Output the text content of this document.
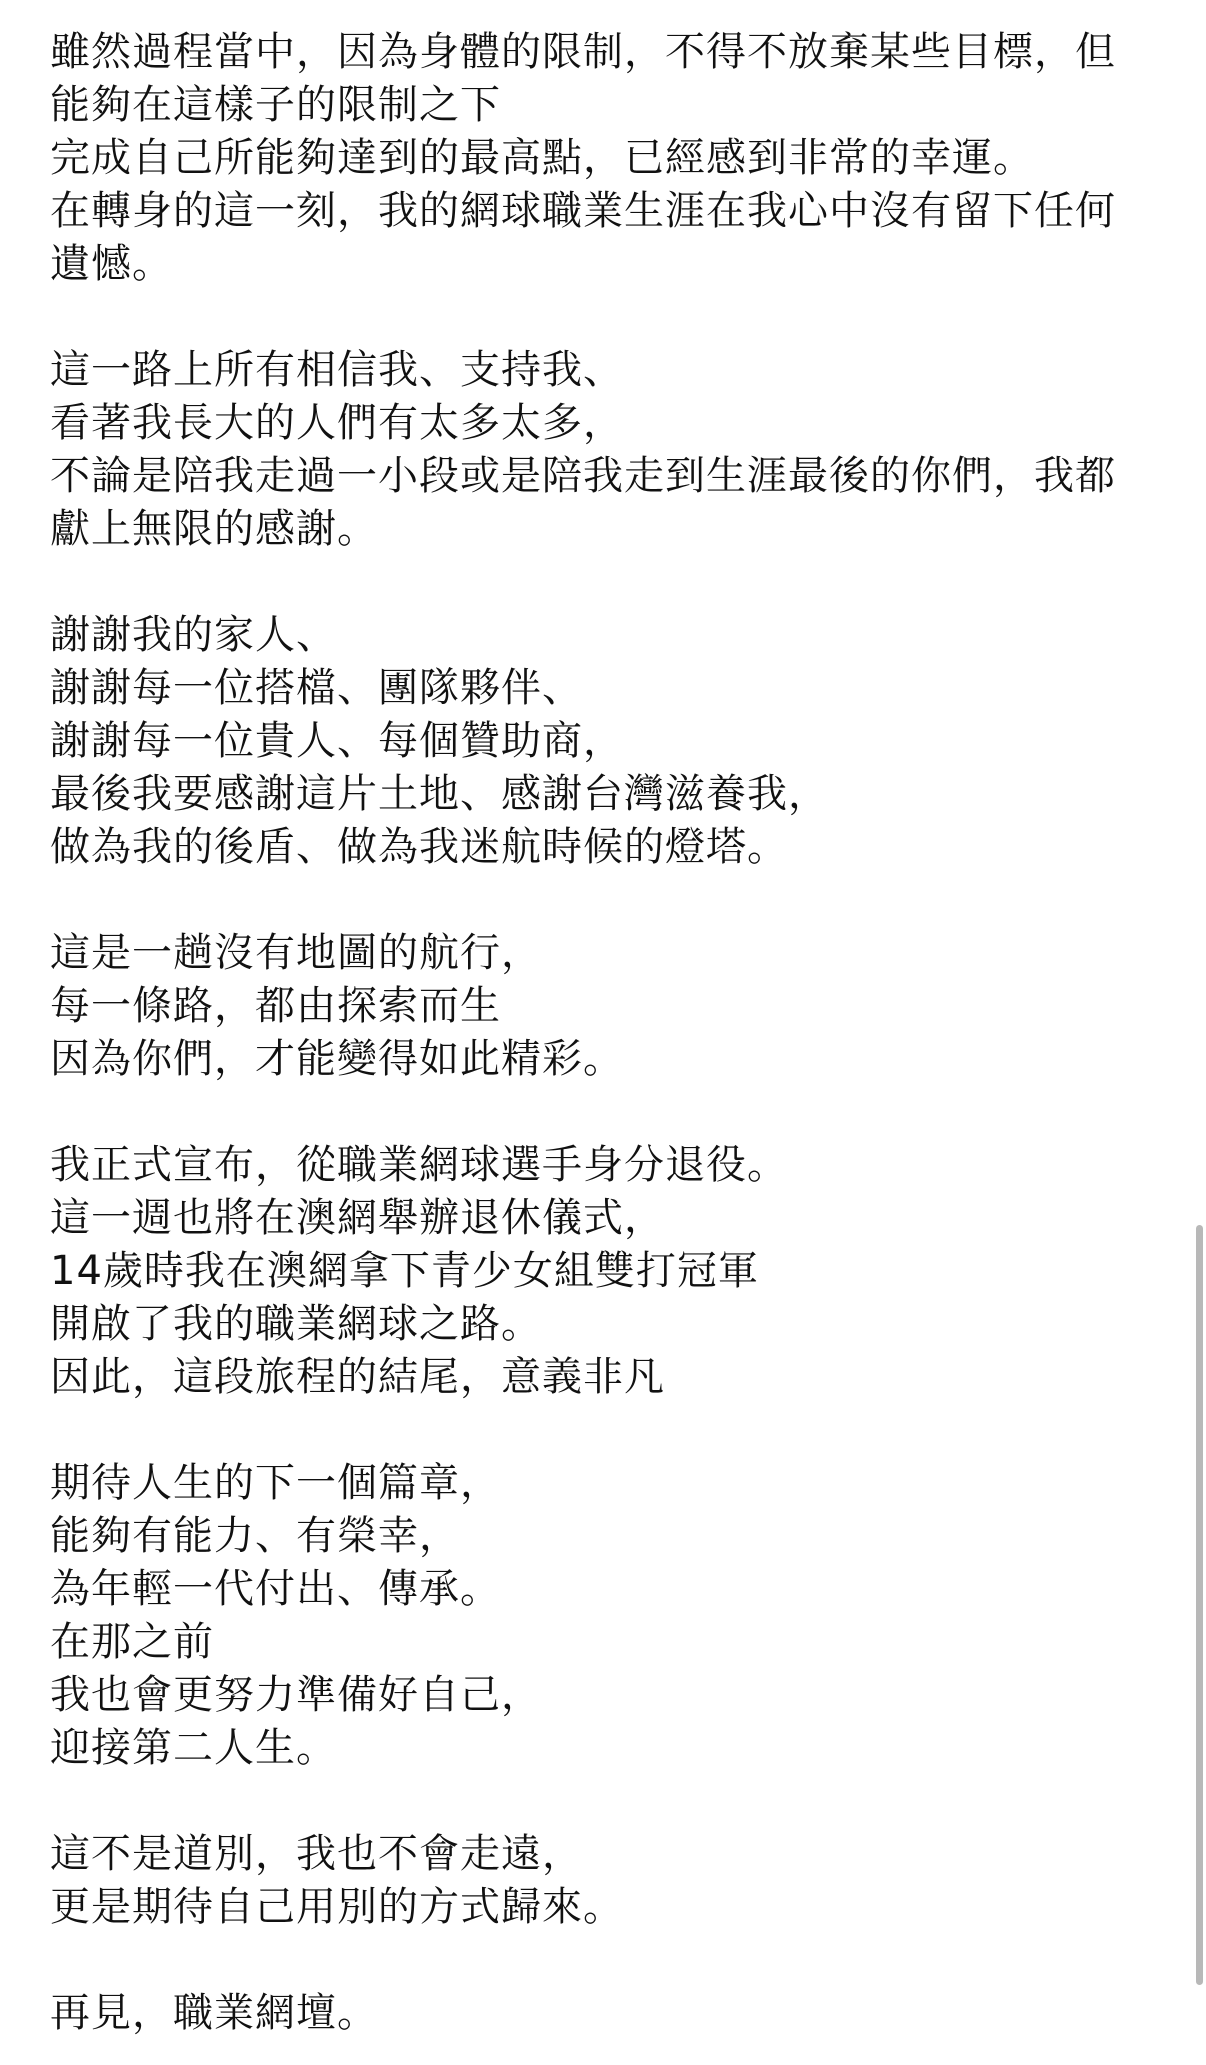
雖然過程當中，因為身體的限制，不得不放棄某些目標，但
能夠在這樣子的限制之下
完成自己所能夠達到的最高點，已經感到非常的幸運。
在轉身的這一刻，我的網球職業生涯在我心中沒有留下任何
遺憾。
這一路上所有相信我、支持我、
看著我長大的人們有太多太多，
不論是陪我走過一小段或是陪我走到生涯最後的你們，我都
獻上無限的感謝。
謝謝我的家人、
謝謝每一位搭檔、團隊夥伴、
謝謝每一位貴人、每個贊助商，
最後我要感謝這片土地、感謝台灣滋養我，
做為我的後盾、做為我迷航時候的燈塔。
這是一趟沒有地圖的航行，
每一條路，都由探索而生
因為你們，才能變得如此精彩。
我正式宣布，從職業網球選手身分退役。
這一週也將在澳網舉辦退休儀式，
14歲時我在澳網拿下青少女組雙打冠軍
開啟了我的職業網球之路。
因此，這段旅程的結尾，意義非凡
期待人生的下一個篇章，
能夠有能力、有榮幸，
為年輕一代付出、傳承。
在那之前
我也會更努力準備好自己，
迎接第二人生。
這不是道別，我也不會走遠，
更是期待自己用別的方式歸來。
再見，職業網壇。
